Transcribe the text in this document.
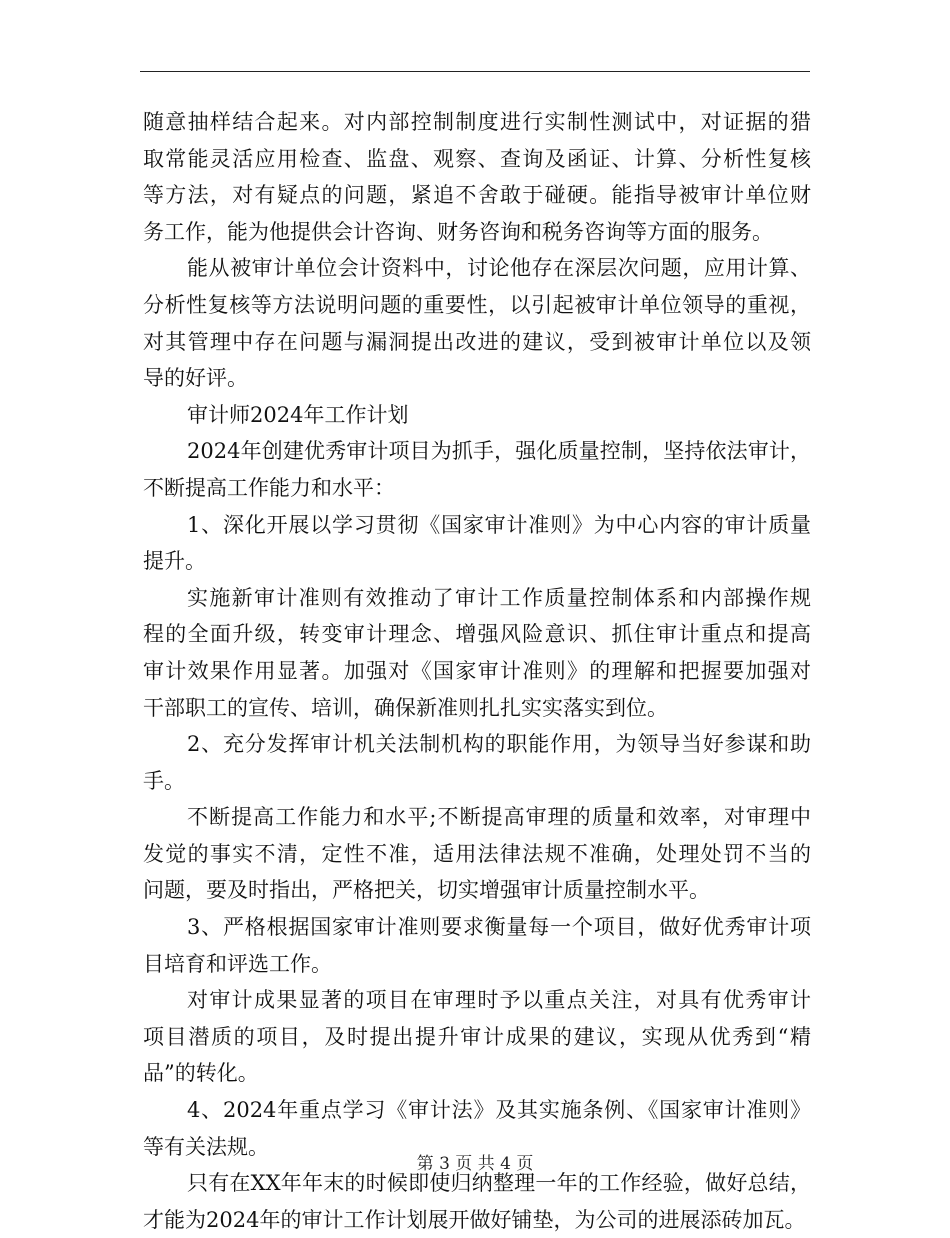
随意抽样结合起来。对内部控制制度进行实制性测试中，对证据的猎
取常能灵活应用检查、监盘、观察、查询及函证、计算、分析性复核
等方法，对有疑点的问题，紧追不舍敢于碰硬。能指导被审计单位财
务工作，能为他提供会计咨询、财务咨询和税务咨询等方面的服务。
能从被审计单位会计资料中，讨论他存在深层次问题，应用计算、
分析性复核等方法说明问题的重要性，以引起被审计单位领导的重视，
对其管理中存在问题与漏洞提出改进的建议，受到被审计单位以及领
导的好评。
审计师2024年工作计划
2024年创建优秀审计项目为抓手，强化质量控制，坚持依法审计，
不断提高工作能力和水平：
1、深化开展以学习贯彻《国家审计准则》为中心内容的审计质量
提升。
实施新审计准则有效推动了审计工作质量控制体系和内部操作规
程的全面升级，转变审计理念、增强风险意识、抓住审计重点和提高
审计效果作用显著。加强对《国家审计准则》的理解和把握要加强对
干部职工的宣传、培训，确保新准则扎扎实实落实到位。
2、充分发挥审计机关法制机构的职能作用，为领导当好参谋和助
手。
不断提高工作能力和水平;不断提高审理的质量和效率，对审理中
发觉的事实不清，定性不准，适用法律法规不准确，处理处罚不当的
问题，要及时指出，严格把关，切实增强审计质量控制水平。
3、严格根据国家审计准则要求衡量每一个项目，做好优秀审计项
目培育和评选工作。
对审计成果显著的项目在审理时予以重点关注，对具有优秀审计
项目潜质的项目，及时提出提升审计成果的建议，实现从优秀到“精
品”的转化。
4、2024年重点学习《审计法》及其实施条例、《国家审计准则》
等有关法规。
只有在XX年年末的时候即使归纳整理一年的工作经验，做好总结，
才能为2024年的审计工作计划展开做好铺垫，为公司的进展添砖加瓦。
第 3 页 共 4 页
